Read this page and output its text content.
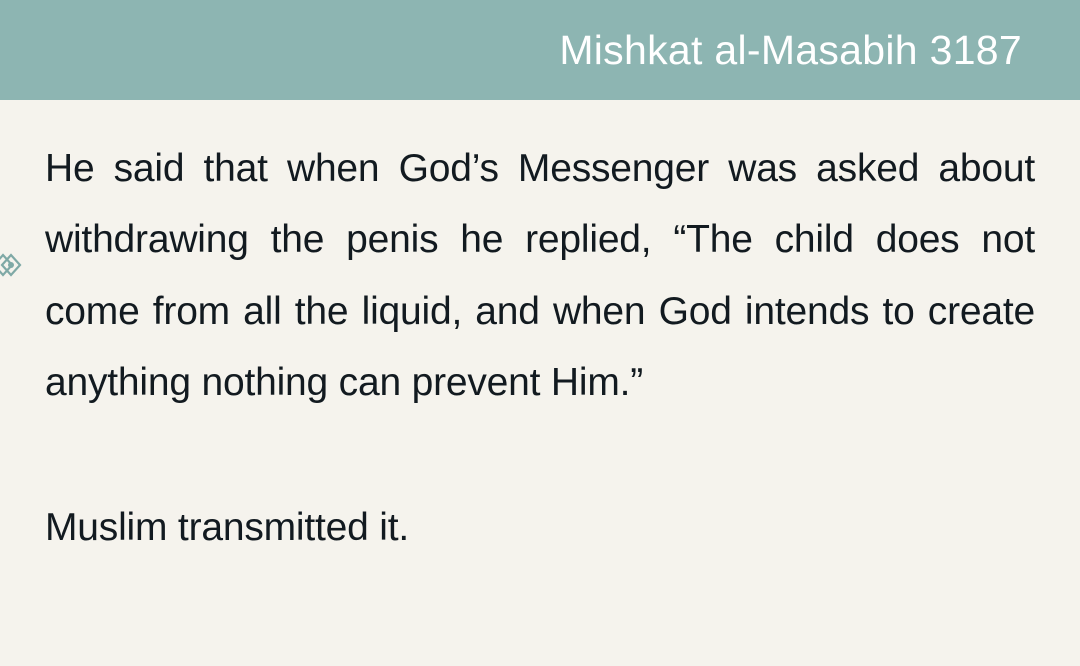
Mishkat al-Masabih 3187

He said that when God’s Messenger was asked about withdrawing the penis he replied, “The child does not come from all the liquid, and when God intends to create anything nothing can prevent Him.”

Muslim transmitted it.
